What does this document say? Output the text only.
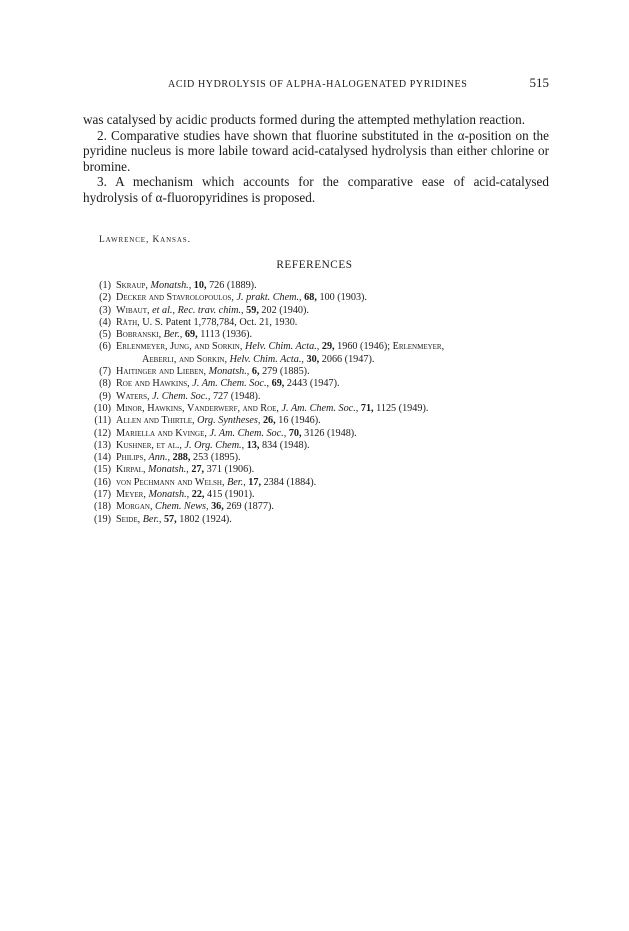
ACID HYDROLYSIS OF ALPHA-HALOGENATED PYRIDINES	515

was catalysed by acidic products formed during the attempted methylation reaction.

2. Comparative studies have shown that fluorine substituted in the α-position on the pyridine nucleus is more labile toward acid-catalysed hydrolysis than either chlorine or bromine.

3. A mechanism which accounts for the comparative ease of acid-catalysed hydrolysis of α-fluoropyridines is proposed.

Lawrence, Kansas.
REFERENCES
(1) Skraup, Monatsh., 10, 726 (1889).
(2) Decker and Stavrolopoulos, J. prakt. Chem., 68, 100 (1903).
(3) Wibaut, et al., Rec. trav. chim., 59, 202 (1940).
(4) Räth, U. S. Patent 1,778,784, Oct. 21, 1930.
(5) Bobranski, Ber., 69, 1113 (1936).
(6) Erlenmeyer, Jung, and Sorkin, Helv. Chim. Acta., 29, 1960 (1946); Erlenmeyer,
Aeberli, and Sorkin, Helv. Chim. Acta., 30, 2066 (1947).
(7) Haitinger and Lieben, Monatsh., 6, 279 (1885).
(8) Roe and Hawkins, J. Am. Chem. Soc., 69, 2443 (1947).
(9) Waters, J. Chem. Soc., 727 (1948).
(10) Minor, Hawkins, Vanderwerf, and Roe, J. Am. Chem. Soc., 71, 1125 (1949).
(11) Allen and Thirtle, Org. Syntheses, 26, 16 (1946).
(12) Mariella and Kvinge, J. Am. Chem. Soc., 70, 3126 (1948).
(13) Kushner, et al., J. Org. Chem., 13, 834 (1948).
(14) Philips, Ann., 288, 253 (1895).
(15) Kirpal, Monatsh., 27, 371 (1906).
(16) von Pechmann and Welsh, Ber., 17, 2384 (1884).
(17) Meyer, Monatsh., 22, 415 (1901).
(18) Morgan, Chem. News, 36, 269 (1877).
(19) Seide, Ber., 57, 1802 (1924).
